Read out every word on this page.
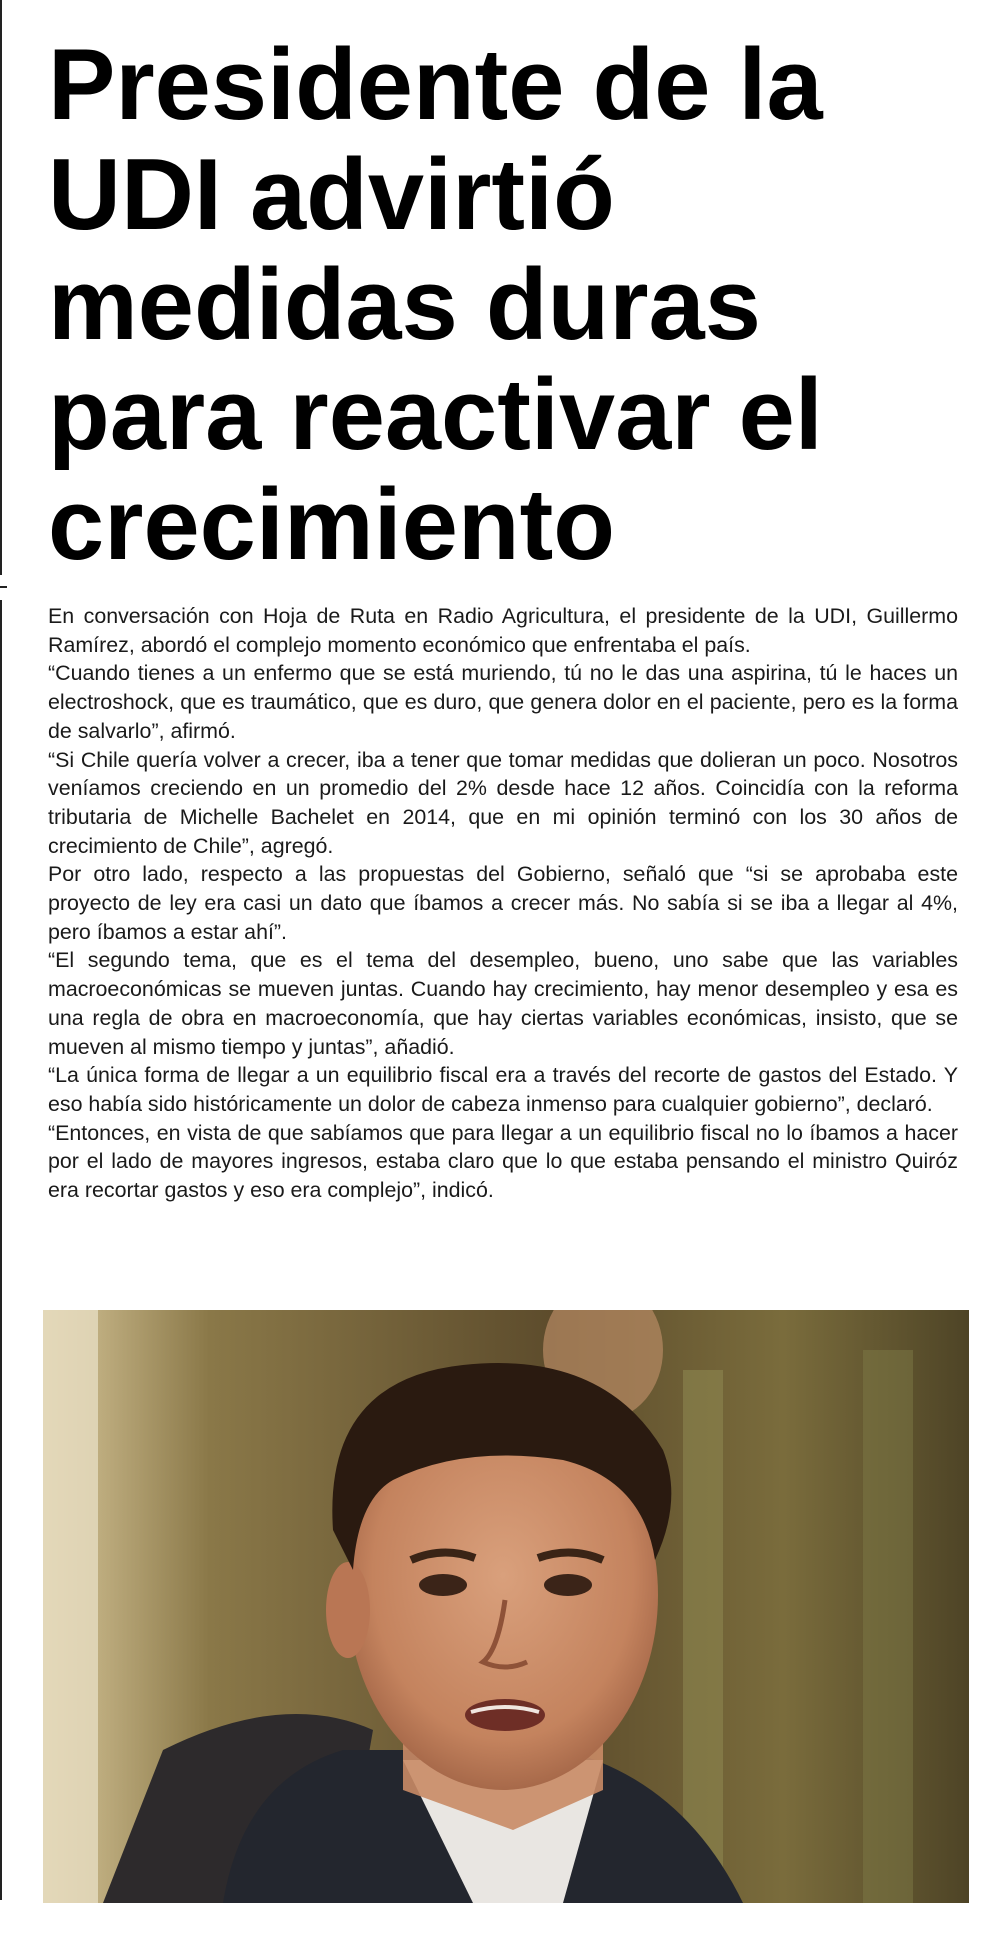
Presidente de la
UDI advirtió
medidas duras
para reactivar el
crecimiento

En conversación con Hoja de Ruta en Radio Agricultura, el presidente de la UDI, Guillermo Ramírez, abordó el complejo momento económico que enfrentaba el país.

“Cuando tienes a un enfermo que se está muriendo, tú no le das una aspirina, tú le haces un electroshock, que es traumático, que es duro, que genera dolor en el paciente, pero es la forma de salvarlo”, afirmó.

“Si Chile quería volver a crecer, iba a tener que tomar medidas que dolieran un poco. Nosotros veníamos creciendo en un promedio del 2% desde hace 12 años. Coincidía con la reforma tributaria de Michelle Bachelet en 2014, que en mi opinión terminó con los 30 años de crecimiento de Chile”, agregó.

Por otro lado, respecto a las propuestas del Gobierno, señaló que “si se aprobaba este proyecto de ley era casi un dato que íbamos a crecer más. No sabía si se iba a llegar al 4%, pero íbamos a estar ahí”.

“El segundo tema, que es el tema del desempleo, bueno, uno sabe que las variables macroeconómicas se mueven juntas. Cuando hay crecimiento, hay menor desempleo y esa es una regla de obra en macroeconomía, que hay ciertas variables económicas, insisto, que se mueven al mismo tiempo y juntas”, añadió.

“La única forma de llegar a un equilibrio fiscal era a través del recorte de gastos del Estado. Y eso había sido históricamente un dolor de cabeza inmenso para cualquier gobierno”, declaró.

“Entonces, en vista de que sabíamos que para llegar a un equilibrio fiscal no lo íbamos a hacer por el lado de mayores ingresos, estaba claro que lo que estaba pensando el ministro Quiróz era recortar gastos y eso era complejo”, indicó.
